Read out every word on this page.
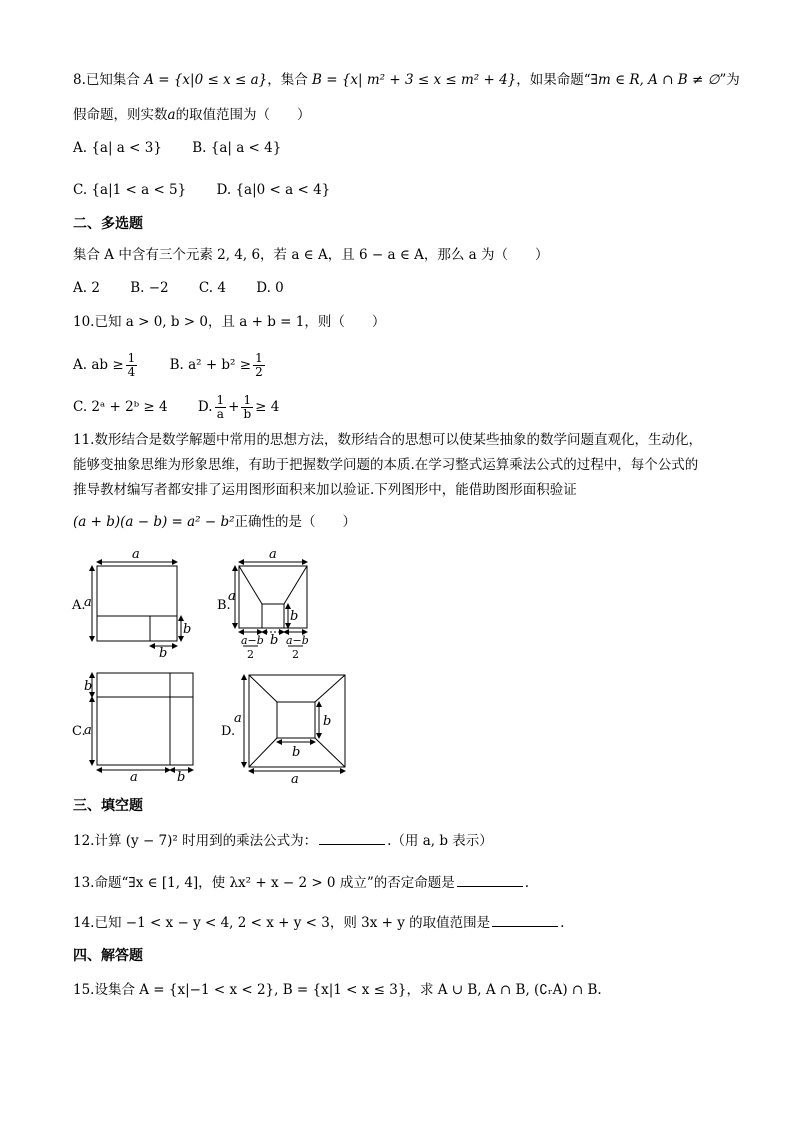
8.已知集合 A = {x|0 ≤ x ≤ a}，集合 B = {x| m² + 3 ≤ x ≤ m² + 4}，如果命题“∃m ∈ R, A ∩ B ≠ ∅”为
假命题，则实数a的取值范围为（　　）
A. {a| a < 3} B. {a| a < 4}
C. {a|1 < a < 5} D. {a|0 < a < 4}
二、多选题
集合 A 中含有三个元素 2, 4, 6，若 a ∈ A，且 6 − a ∈ A，那么 a 为（　　）
A. 2 B. −2 C. 4 D. 0
10.已知 a > 0, b > 0，且 a + b = 1，则（　　）
A. ab ≥ $\frac{1}{4} B$. $a^2 + b^2 \ge \frac{1}{2}$
C. 2ᵃ + 2ᵇ ≥ 4 D. $\frac{1}{a} + \frac{1}{b} \ge 4$
11.数形结合是数学解题中常用的思想方法，数形结合的思想可以使某些抽象的数学问题直观化，生动化，
能够变抽象思维为形象思维，有助于把握数学问题的本质.在学习整式运算乘法公式的过程中，每个公式的
推导教材编写者都安排了运用图形面积来加以验证.下列图形中，能借助图形面积验证
(a + b)(a − b) = a² − b²正确性的是（　　）
A.	B.
C.	D.
a
a
b
b
a
a
b
b
a−b
2
a−b
2
b
a
a	b
a	b
b
a
三、填空题
12.计算 (y − 7)² 时用到的乘法公式为：	.（用 a, b 表示）
13.命题“∃x ∈ [1, 4]，使 λx² + x − 2 > 0 成立”的否定命题是	.
14.已知 −1 < x − y < 4, 2 < x + y < 3，则 3x + y 的取值范围是	.
四、解答题
15.设集合 A = {x|−1 < x < 2}, B = {x|1 < x ≤ 3}，求 A ∪ B, A ∩ B, (∁ᵣA) ∩ B.
